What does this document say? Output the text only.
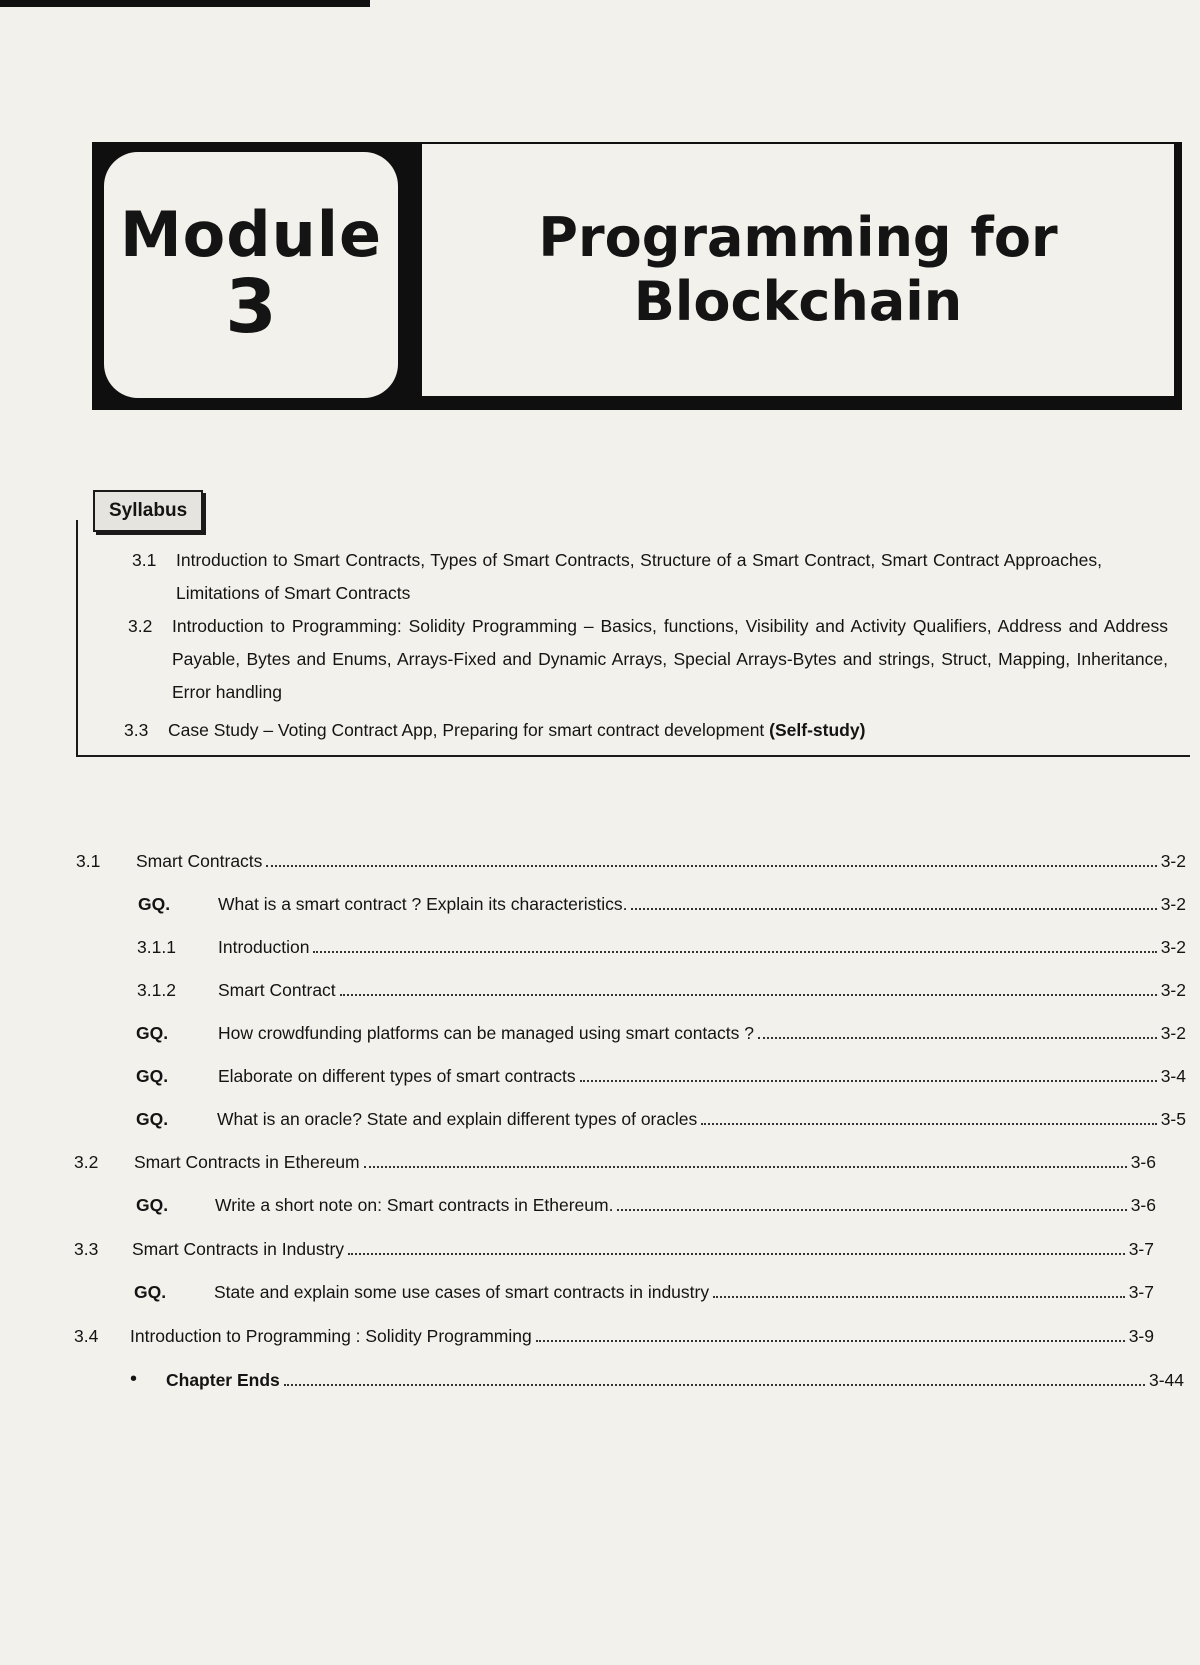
Module
3
Programming for
Blockchain
Syllabus
3.1	Introduction to Smart Contracts, Types of Smart Contracts, Structure of a Smart Contract, Smart Contract Approaches, Limitations of Smart Contracts
3.2	Introduction to Programming: Solidity Programming – Basics, functions, Visibility and Activity Qualifiers, Address and Address Payable, Bytes and Enums, Arrays-Fixed and Dynamic Arrays, Special Arrays-Bytes and strings, Struct, Mapping, Inheritance, Error handling
3.3	Case Study – Voting Contract App, Preparing for smart contract development (Self-study)
3.1	Smart Contracts	3-2
GQ.	What is a smart contract ? Explain its characteristics.	3-2
3.1.1	Introduction	3-2
3.1.2	Smart Contract	3-2
GQ.	How crowdfunding platforms can be managed using smart contacts ?	3-2
GQ.	Elaborate on different types of smart contracts	3-4
GQ.	What is an oracle? State and explain different types of oracles	3-5
3.2	Smart Contracts in Ethereum	3-6
GQ.	Write a short note on: Smart contracts in Ethereum.	3-6
3.3	Smart Contracts in Industry	3-7
GQ.	State and explain some use cases of smart contracts in industry	3-7
3.4	Introduction to Programming : Solidity Programming	3-9
•	Chapter Ends	3-44
